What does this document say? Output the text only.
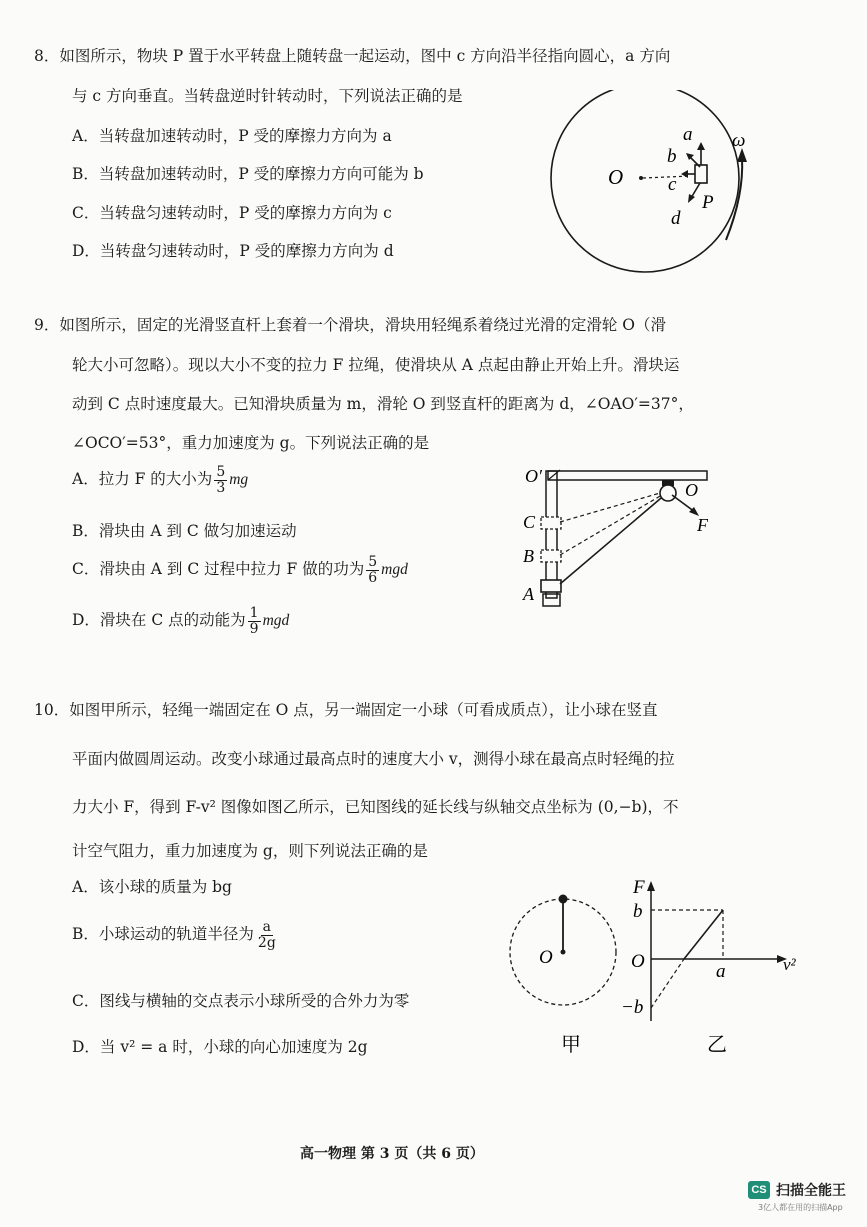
8．如图所示，物块 P 置于水平转盘上随转盘一起运动，图中 c 方向沿半径指向圆心，a 方向
与 c 方向垂直。当转盘逆时针转动时，下列说法正确的是
A．当转盘加速转动时，P 受的摩擦力方向为 a
B．当转盘加速转动时，P 受的摩擦力方向可能为 b
C．当转盘匀速转动时，P 受的摩擦力方向为 c
D．当转盘匀速转动时，P 受的摩擦力方向为 d
O
a
b
c
d
P
ω
9．如图所示，固定的光滑竖直杆上套着一个滑块，滑块用轻绳系着绕过光滑的定滑轮 O（滑
轮大小可忽略）。现以大小不变的拉力 F 拉绳，使滑块从 A 点起由静止开始上升。滑块运
动到 C 点时速度最大。已知滑块质量为 m，滑轮 O 到竖直杆的距离为 d，∠OAO′=37°，
∠OCO′=53°，重力加速度为 g。下列说法正确的是
A．拉力 F 的大小为 $\frac{5}{3}$ mg
B．滑块由 A 到 C 做匀加速运动
C．滑块由 A 到 C 过程中拉力 F 做的功为 $\frac{5}{6}$ mgd
D．滑块在 C 点的动能为 $\frac{1}{9}$ mgd
O′
O
C
B
A
F
10．如图甲所示，轻绳一端固定在 O 点，另一端固定一小球（可看成质点），让小球在竖直
平面内做圆周运动。改变小球通过最高点时的速度大小 v，测得小球在最高点时轻绳的拉
力大小 F，得到 F-v² 图像如图乙所示，已知图线的延长线与纵轴交点坐标为 (0,−b)，不
计空气阻力，重力加速度为 g，则下列说法正确的是
A．该小球的质量为 bg
B．小球运动的轨道半径为 $\frac{a}{2g}$
C．图线与横轴的交点表示小球所受的合外力为零
D．当 v² = a 时，小球的向心加速度为 2g
O
甲
F
b
O
−b
a	v²
乙
高一物理 第 3 页（共 6 页）
CS 扫描全能王
3亿人都在用的扫描App
